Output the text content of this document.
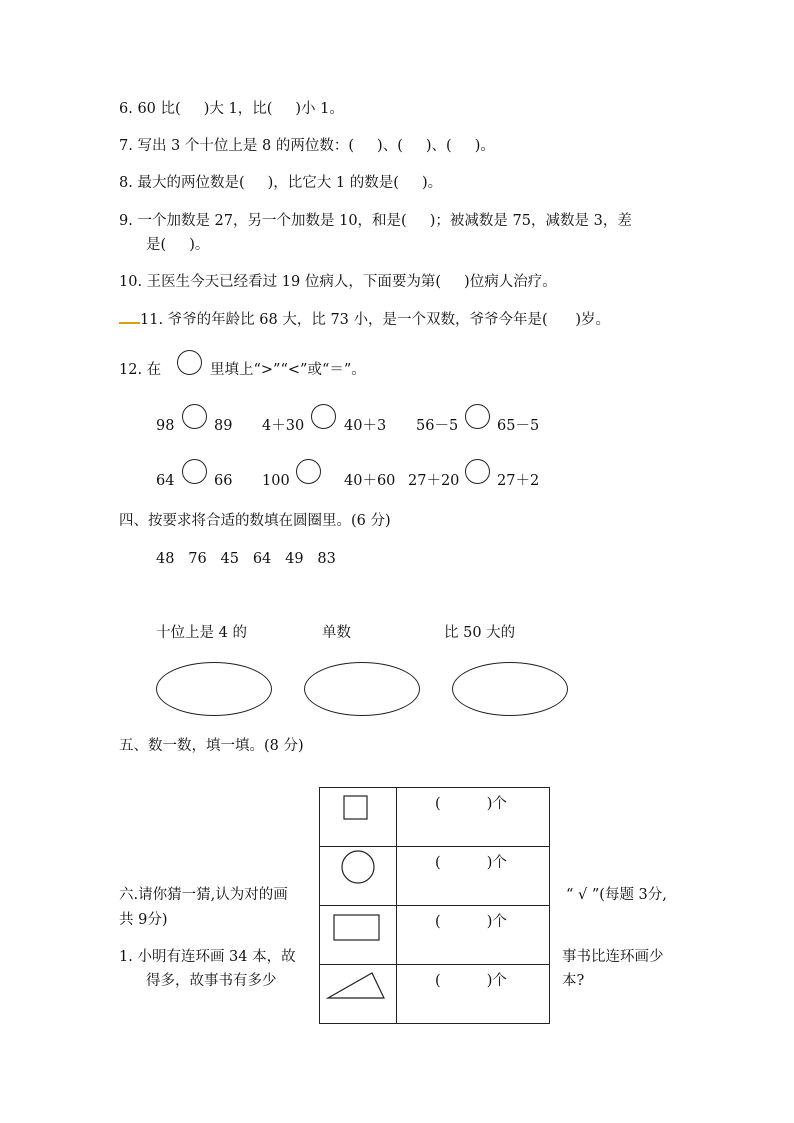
6. 60 比(     )大 1，比(     )小 1。
7. 写出 3 个十位上是 8 的两位数：(     )、(     )、(     )。
8. 最大的两位数是(     )，比它大 1 的数是(     )。
9. 一个加数是 27，另一个加数是 10，和是(     )；被减数是 75，减数是 3，差
是(     )。
10. 王医生今天已经看过 19 位病人，下面要为第(     )位病人治疗。
11. 爷爷的年龄比 68 大，比 73 小，是一个双数，爷爷今年是(      )岁。
12. 在	里填上“>”“<”或“＝”。
98	89 4＋30	40＋3 56－5	65－5
64	66 100	40＋60 27＋20	27＋2
四、按要求将合适的数填在圆圈里。(6 分)
48   76   45   64   49   83
十位上是 4 的	单数	比 50 大的
五、数一数，填一填。(8 分)

(          )个

(          )个

(          )个

(          )个
六.请你猜一猜,认为对的画
共 9分)
“ √ ”(每题 3分,
1. 小明有连环画 34 本，故
得多，故事书有多少
事书比连环画少
本?
